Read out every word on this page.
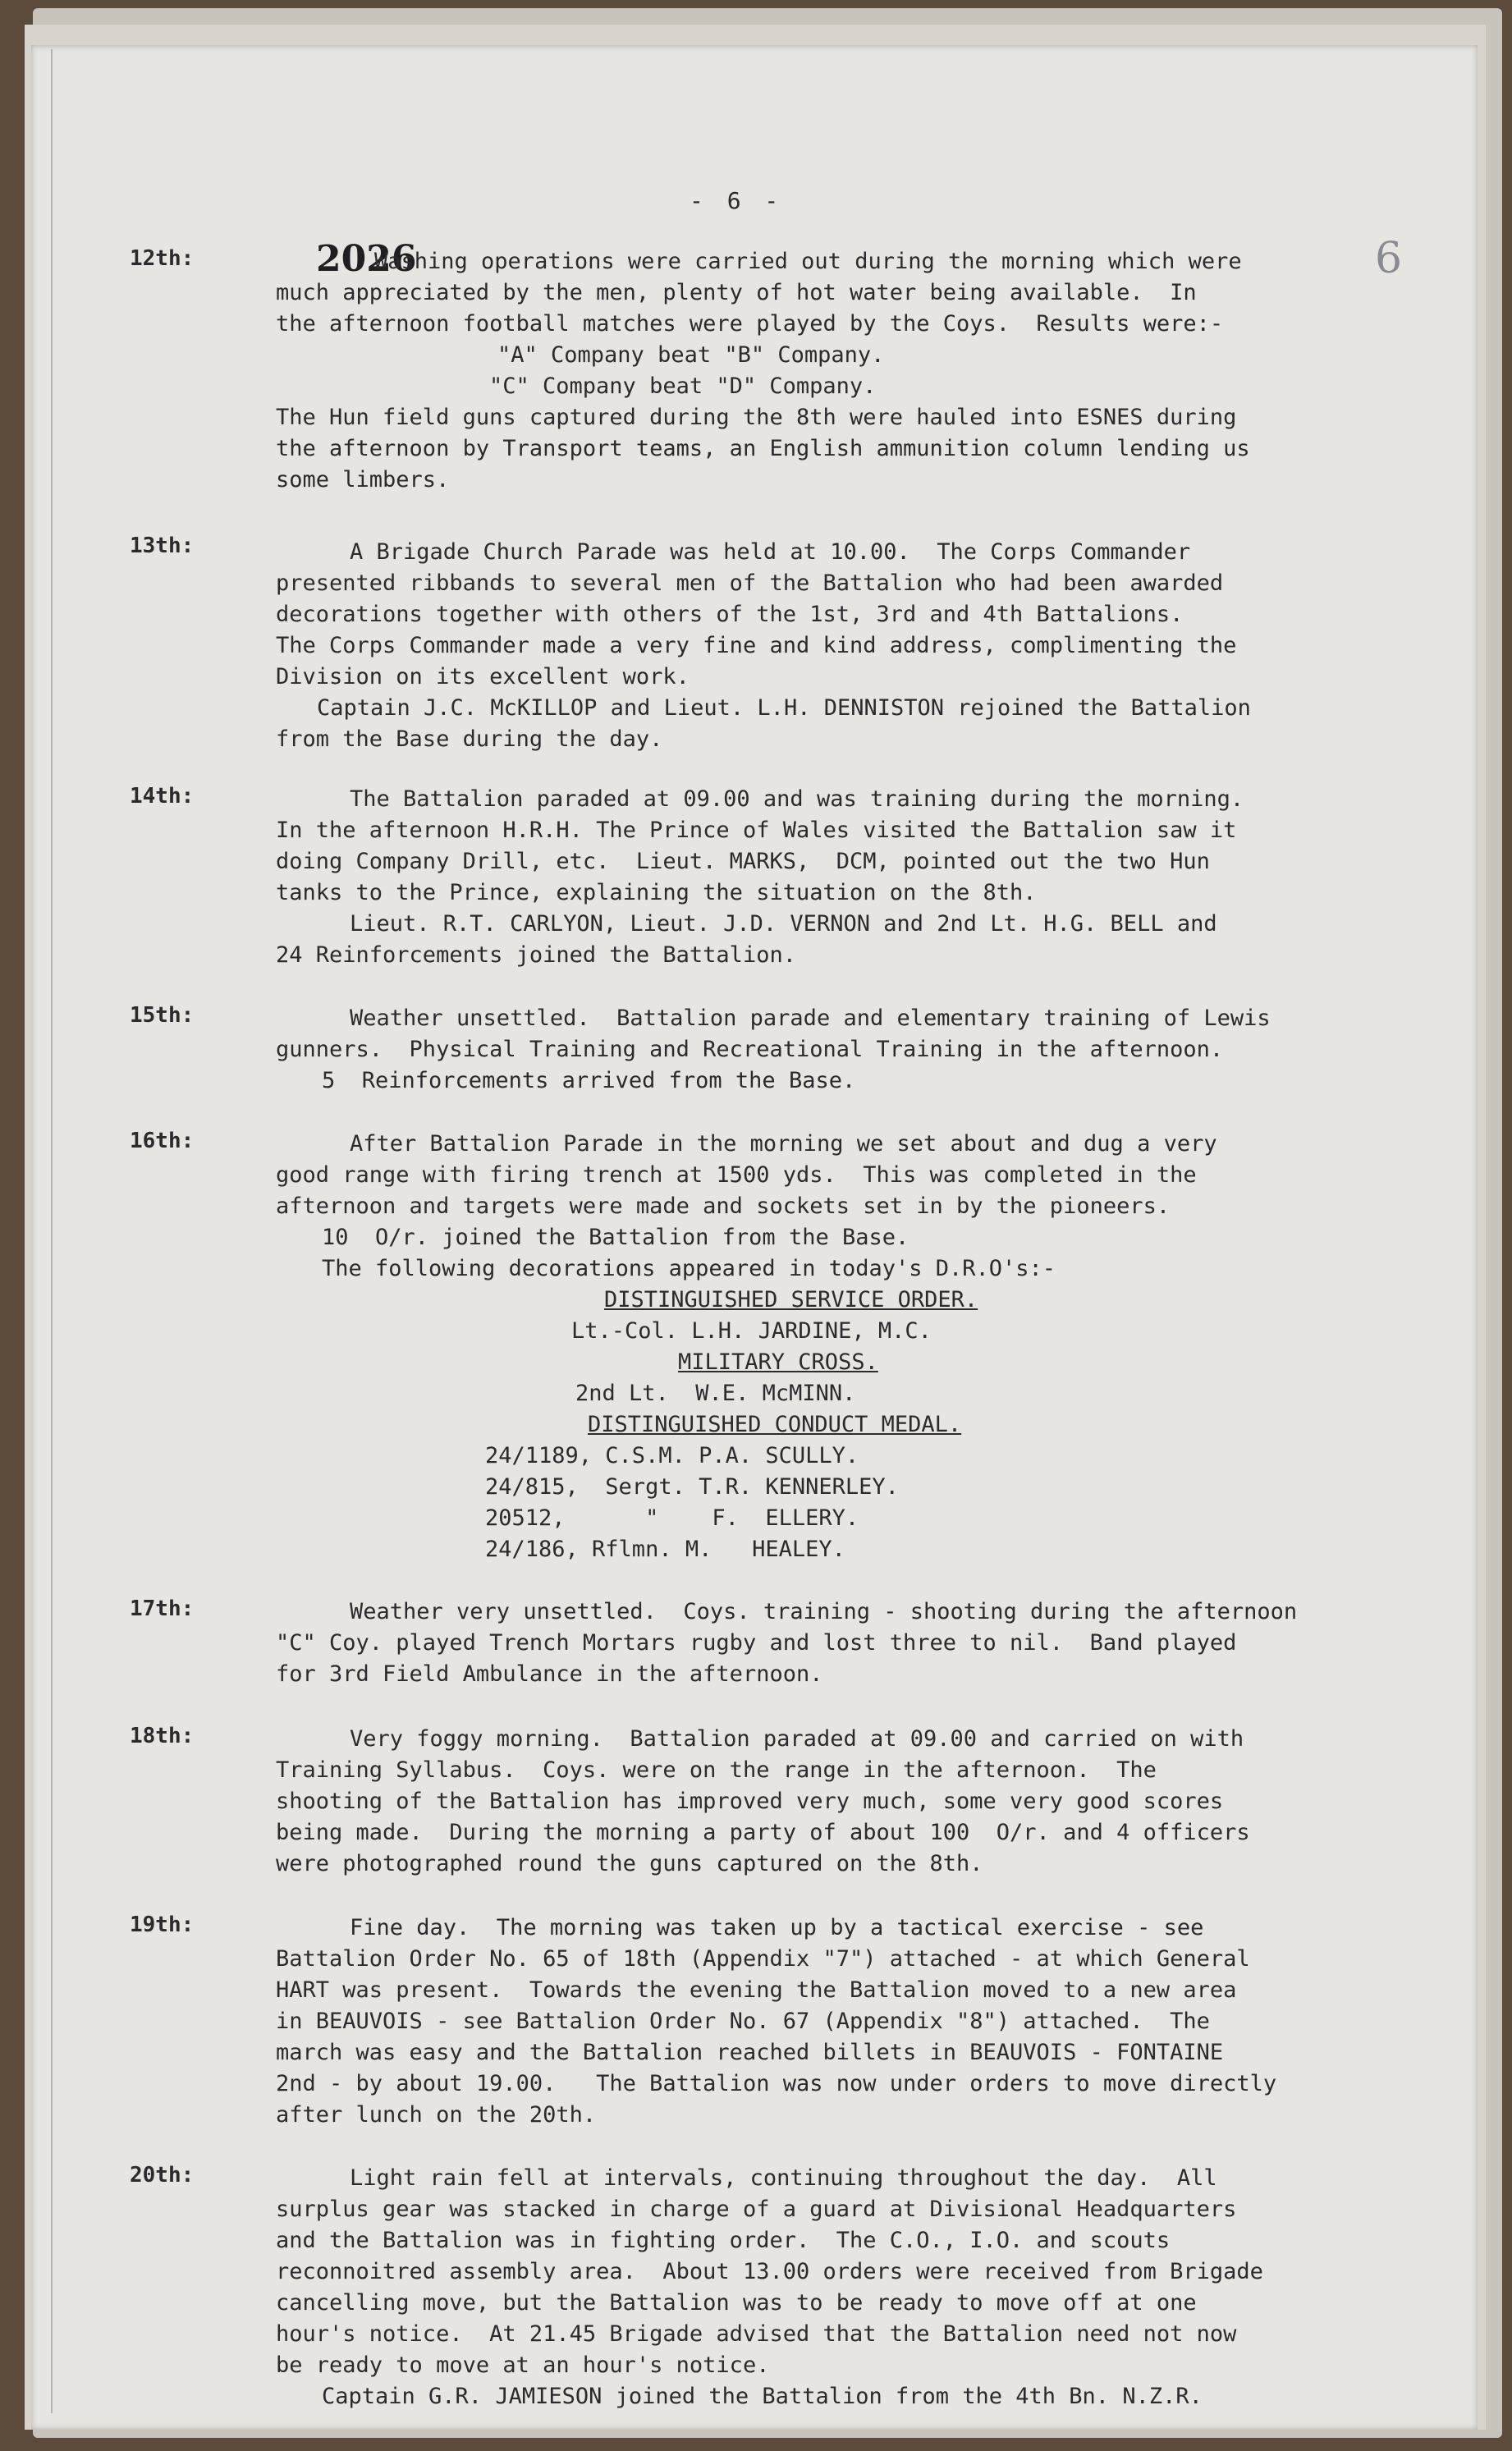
- 6 -
2026	6
12th:	Washing operations were carried out during the morning which were
much appreciated by the men, plenty of hot water being available.  In
the afternoon football matches were played by the Coys.  Results were:-
"A" Company beat "B" Company.
"C" Company beat "D" Company.
The Hun field guns captured during the 8th were hauled into ESNES during
the afternoon by Transport teams, an English ammunition column lending us
some limbers.
13th:	A Brigade Church Parade was held at 10.00.  The Corps Commander
presented ribbands to several men of the Battalion who had been awarded
decorations together with others of the 1st, 3rd and 4th Battalions.
The Corps Commander made a very fine and kind address, complimenting the
Division on its excellent work.
Captain J.C. McKILLOP and Lieut. L.H. DENNISTON rejoined the Battalion
from the Base during the day.
14th:	The Battalion paraded at 09.00 and was training during the morning.
In the afternoon H.R.H. The Prince of Wales visited the Battalion saw it
doing Company Drill, etc.  Lieut. MARKS,  DCM, pointed out the two Hun
tanks to the Prince, explaining the situation on the 8th.
Lieut. R.T. CARLYON, Lieut. J.D. VERNON and 2nd Lt. H.G. BELL and
24 Reinforcements joined the Battalion.
15th:	Weather unsettled.  Battalion parade and elementary training of Lewis
gunners.  Physical Training and Recreational Training in the afternoon.
5  Reinforcements arrived from the Base.
16th:	After Battalion Parade in the morning we set about and dug a very
good range with firing trench at 1500 yds.  This was completed in the
afternoon and targets were made and sockets set in by the pioneers.
10  O/r. joined the Battalion from the Base.
The following decorations appeared in today's D.R.O's:-
DISTINGUISHED SERVICE ORDER.
Lt.-Col. L.H. JARDINE, M.C.
MILITARY CROSS.
2nd Lt.  W.E. McMINN.
DISTINGUISHED CONDUCT MEDAL.
24/1189, C.S.M. P.A. SCULLY.
24/815,  Sergt. T.R. KENNERLEY.
20512,      "    F.  ELLERY.
24/186, Rflmn. M.   HEALEY.
17th:	Weather very unsettled.  Coys. training - shooting during the afternoon
"C" Coy. played Trench Mortars rugby and lost three to nil.  Band played
for 3rd Field Ambulance in the afternoon.
18th:	Very foggy morning.  Battalion paraded at 09.00 and carried on with
Training Syllabus.  Coys. were on the range in the afternoon.  The
shooting of the Battalion has improved very much, some very good scores
being made.  During the morning a party of about 100  O/r. and 4 officers
were photographed round the guns captured on the 8th.
19th:	Fine day.  The morning was taken up by a tactical exercise - see
Battalion Order No. 65 of 18th (Appendix "7") attached - at which General
HART was present.  Towards the evening the Battalion moved to a new area
in BEAUVOIS - see Battalion Order No. 67 (Appendix "8") attached.  The
march was easy and the Battalion reached billets in BEAUVOIS - FONTAINE
2nd - by about 19.00.   The Battalion was now under orders to move directly
after lunch on the 20th.
20th:	Light rain fell at intervals, continuing throughout the day.  All
surplus gear was stacked in charge of a guard at Divisional Headquarters
and the Battalion was in fighting order.  The C.O., I.O. and scouts
reconnoitred assembly area.  About 13.00 orders were received from Brigade
cancelling move, but the Battalion was to be ready to move off at one
hour's notice.  At 21.45 Brigade advised that the Battalion need not now
be ready to move at an hour's notice.
Captain G.R. JAMIESON joined the Battalion from the 4th Bn. N.Z.R.
